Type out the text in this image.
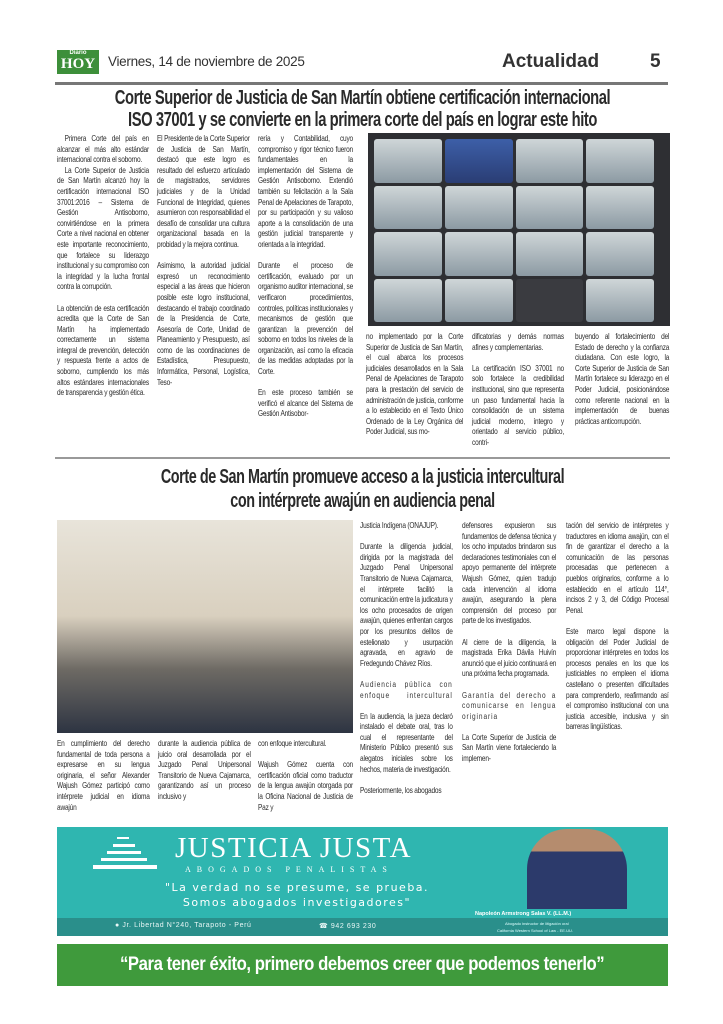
Diario
HOY Viernes, 14 de noviembre de 2025	Actualidad	5
Corte Superior de Justicia de San Martín obtiene certificación internacional
ISO 37001 y se convierte en la primera corte del país en lograr este hito

Primera Corte del país en alcanzar el más alto estándar internacional contra el soborno.

La Corte Superior de Justicia de San Martín alcanzó hoy la certificación internacional ISO 37001:2016 – Sistema de Gestión Antisoborno, convirtiéndose en la primera Corte a nivel nacional en obtener este importante reconocimiento, que fortalece su liderazgo institucional y su compromiso con la integridad y la lucha frontal contra la corrupción.

La obtención de esta certificación acredita que la Corte de San Martín ha implementado correctamente un sistema integral de prevención, detección y respuesta frente a actos de soborno, cumpliendo los más altos estándares internacionales de transparencia y gestión ética.

El Presidente de la Corte Superior de Justicia de San Martín, destacó que este logro es resultado del esfuerzo articulado de magistrados, servidores judiciales y de la Unidad Funcional de Integridad, quienes asumieron con responsabilidad el desafío de consolidar una cultura organizacional basada en la probidad y la mejora continua.

Asimismo, la autoridad judicial expresó un reconocimiento especial a las áreas que hicieron posible este logro institucional, destacando el trabajo coordinado de la Presidencia de Corte, Asesoría de Corte, Unidad de Planeamiento y Presupuesto, así como de las coordinaciones de Estadística, Presupuesto, Informática, Personal, Logística, Teso-

rería y Contabilidad, cuyo compromiso y rigor técnico fueron fundamentales en la implementación del Sistema de Gestión Antisoborno. Extendió también su felicitación a la Sala Penal de Apelaciones de Tarapoto, por su participación y su valioso aporte a la consolidación de una gestión judicial transparente y orientada a la integridad.

Durante el proceso de certificación, evaluado por un organismo auditor internacional, se verificaron procedimientos, controles, políticas institucionales y mecanismos de gestión que garantizan la prevención del soborno en todos los niveles de la organización, así como la eficacia de las medidas adoptadas por la Corte.

En este proceso también se verificó el alcance del Sistema de Gestión Antisobor-

no implementado por la Corte Superior de Justicia de San Martín, el cual abarca los procesos judiciales desarrollados en la Sala Penal de Apelaciones de Tarapoto para la prestación del servicio de administración de justicia, conforme a lo establecido en el Texto Único Ordenado de la Ley Orgánica del Poder Judicial, sus mo-

dificatorias y demás normas afines y complementarias.

La certificación ISO 37001 no solo fortalece la credibilidad institucional, sino que representa un paso fundamental hacia la consolidación de un sistema judicial moderno, íntegro y orientado al servicio público, contri-

buyendo al fortalecimiento del Estado de derecho y la confianza ciudadana. Con este logro, la Corte Superior de Justicia de San Martín fortalece su liderazgo en el Poder Judicial, posicionándose como referente nacional en la implementación de buenas prácticas anticorrupción.

Corte de San Martín promueve acceso a la justicia intercultural
con intérprete awajún en audiencia penal

En cumplimiento del derecho fundamental de toda persona a expresarse en su lengua originaria, el señor Alexander Wajush Gómez participó como intérprete judicial en idioma awajún

durante la audiencia pública de juicio oral desarrollada por el Juzgado Penal Unipersonal Transitorio de Nueva Cajamarca, garantizando así un proceso inclusivo y

con enfoque intercultural.

Wajush Gómez cuenta con certificación oficial como traductor de la lengua awajún otorgada por la Oficina Nacional de Justicia de Paz y

Justicia Indígena (ONAJUP).

Durante la diligencia judicial, dirigida por la magistrada del Juzgado Penal Unipersonal Transitorio de Nueva Cajamarca, el intérprete facilitó la comunicación entre la judicatura y los ocho procesados de origen awajún, quienes enfrentan cargos por los presuntos delitos de estelionato y usurpación agravada, en agravio de Fredegundo Chávez Ríos.

Audiencia pública con enfoque intercultural

En la audiencia, la jueza declaró instalado el debate oral, tras lo cual el representante del Ministerio Público presentó sus alegatos iniciales sobre los hechos, materia de investigación.

Posteriormente, los abogados

defensores expusieron sus fundamentos de defensa técnica y los ocho imputados brindaron sus declaraciones testimoniales con el apoyo permanente del intérprete Wajush Gómez, quien tradujo cada intervención al idioma awajún, asegurando la plena comprensión del proceso por parte de los investigados.

Al cierre de la diligencia, la magistrada Erika Dávila Huivín anunció que el juicio continuará en una próxima fecha programada.

Garantía del derecho a comunicarse en lengua originaria

La Corte Superior de Justicia de San Martín viene fortaleciendo la implemen-

tación del servicio de intérpretes y traductores en idioma awajún, con el fin de garantizar el derecho a la comunicación de las personas procesadas que pertenecen a pueblos originarios, conforme a lo establecido en el artículo 114°, incisos 2 y 3, del Código Procesal Penal.

Este marco legal dispone la obligación del Poder Judicial de proporcionar intérpretes en todos los procesos penales en los que los justiciables no empleen el idioma castellano o presenten dificultades para comprenderlo, reafirmando así el compromiso institucional con una justicia accesible, inclusiva y sin barreras lingüísticas.

JUSTICIA JUSTA
ABOGADOS PENALISTAS
"La verdad no se presume, se prueba.
Somos abogados investigadores"
Napoleón Armstrong Salas V. (LL.M.)
● Jr. Libertad N°240, Tarapoto - Perú	☎ 942 693 230	Abogado instructor de litigación oral
California Western School of Law - EE.UU.
“Para tener éxito, primero debemos creer que podemos tenerlo”
